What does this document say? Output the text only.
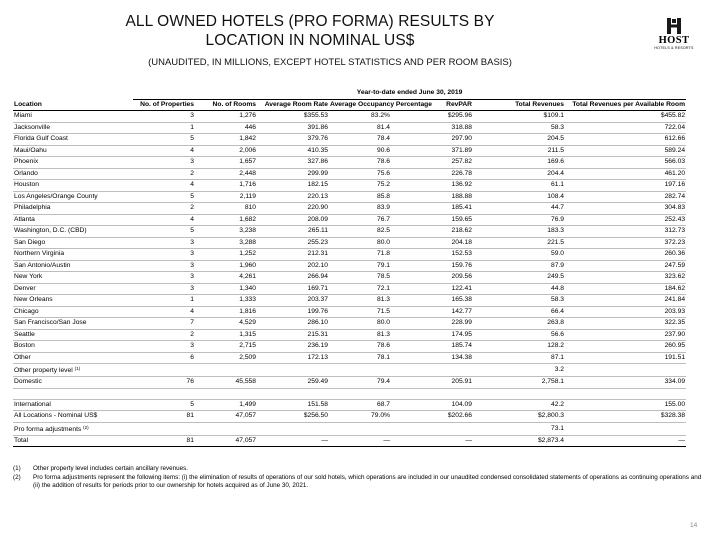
ALL OWNED HOTELS (PRO FORMA) RESULTS BY LOCATION IN NOMINAL US$
(UNAUDITED, IN MILLIONS, EXCEPT HOTEL STATISTICS AND PER ROOM BASIS)
HOST
HOTELS & RESORTS
	Year-to-date ended June 30, 2019						
Location	No. of Properties	No. of Rooms	Average Room Rate	Average Occupancy Percentage	RevPAR	Total Revenues	Total Revenues per Available Room
Miami	3	1,276	$355.53	83.2%	$295.96	$109.1	$455.82
Jacksonville	1	446	391.86	81.4	318.88	58.3	722.04
Florida Gulf Coast	5	1,842	379.76	78.4	297.90	204.5	612.66
Maui/Oahu	4	2,006	410.35	90.6	371.89	211.5	589.24
Phoenix	3	1,657	327.86	78.6	257.82	169.6	566.03
Orlando	2	2,448	299.99	75.6	226.78	204.4	461.20
Houston	4	1,716	182.15	75.2	136.92	61.1	197.16
Los Angeles/Orange County	5	2,119	220.13	85.8	188.88	108.4	282.74
Philadelphia	2	810	220.90	83.9	185.41	44.7	304.83
Atlanta	4	1,682	208.09	76.7	159.65	76.9	252.43
Washington, D.C. (CBD)	5	3,238	265.11	82.5	218.62	183.3	312.73
San Diego	3	3,288	255.23	80.0	204.18	221.5	372.23
Northern Virginia	3	1,252	212.31	71.8	152.53	59.0	260.36
San Antonio/Austin	3	1,960	202.10	79.1	159.76	87.9	247.59
New York	3	4,261	266.94	78.5	209.56	249.5	323.62
Denver	3	1,340	169.71	72.1	122.41	44.8	184.62
New Orleans	1	1,333	203.37	81.3	165.38	58.3	241.84
Chicago	4	1,816	199.76	71.5	142.77	66.4	203.93
San Francisco/San Jose	7	4,529	286.10	80.0	228.99	263.8	322.35
Seattle	2	1,315	215.31	81.3	174.95	56.6	237.90
Boston	3	2,715	236.19	78.6	185.74	128.2	260.95
Other	6	2,509	172.13	78.1	134.38	87.1	191.51
Other property level $^{(1)}$						3.2	
Domestic	76	45,558	259.49	79.4	205.91	2,758.1	334.09

International	5	1,499	151.58	68.7	104.09	42.2	155.00
All Locations - Nominal US$	81	47,057	$256.50	79.0%	$202.66	$2,800.3	$328.38
Pro forma adjustments $^{(2)}$						73.1	
Total	81	47,057	—	—	—	$2,873.4	—
(1)	Other property level includes certain ancillary revenues.
(2)	Pro forma adjustments represent the following items: (i) the elimination of results of operations of our sold hotels, which operations are included in our unaudited condensed consolidated statements of operations as continuing operations and (ii) the addition of results for periods prior to our ownership for hotels acquired as of June 30, 2021.
14
